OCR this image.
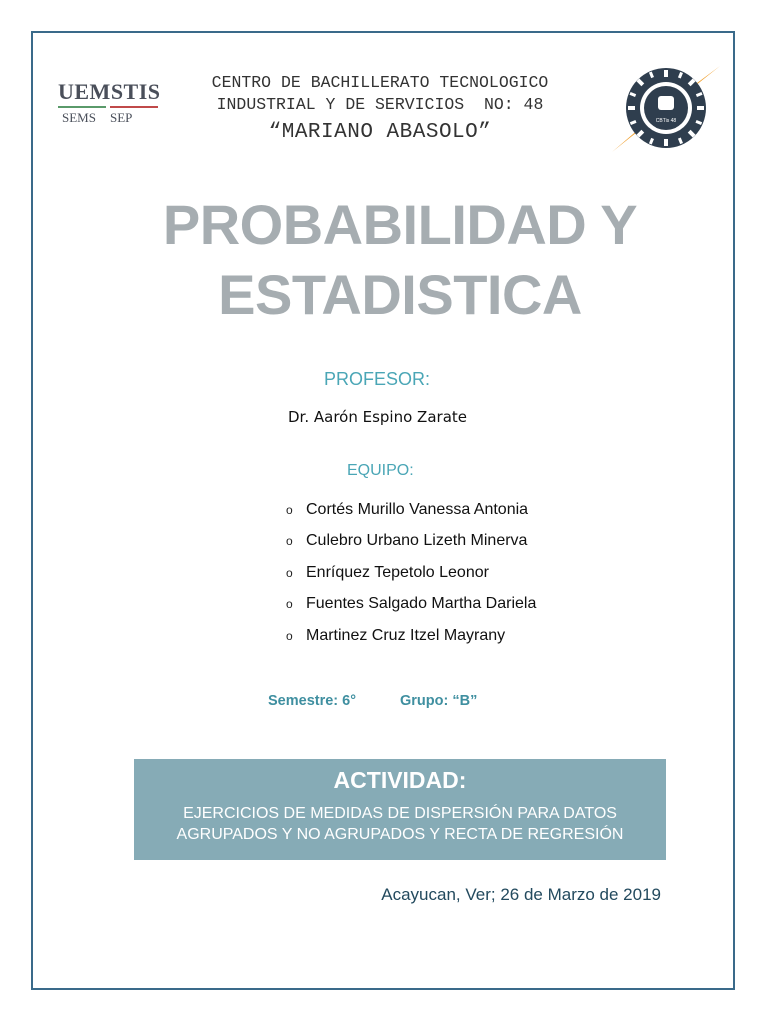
UEMSTIS
SEMS SEP
CENTRO DE BACHILLERATO TECNOLOGICO
INDUSTRIAL Y DE SERVICIOS  NO: 48
“MARIANO ABASOLO”	CBTis 48
PROBABILIDAD Y
ESTADISTICA
PROFESOR:
Dr. Aarón Espino Zarate
EQUIPO:
o Cortés Murillo Vanessa Antonia
o Culebro Urbano Lizeth Minerva
o Enríquez Tepetolo Leonor
o Fuentes Salgado Martha Dariela
o Martinez Cruz Itzel Mayrany
Semestre: 6°	Grupo: “B”
ACTIVIDAD:
EJERCICIOS DE MEDIDAS DE DISPERSIÓN PARA DATOS
AGRUPADOS Y NO AGRUPADOS Y RECTA DE REGRESIÓN
Acayucan, Ver; 26 de Marzo de 2019
